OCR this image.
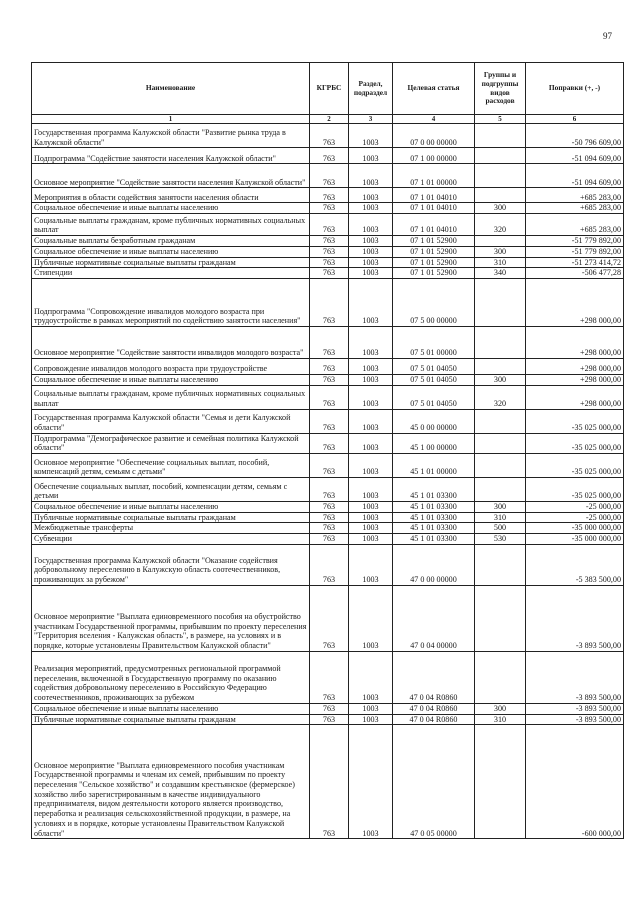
97
Наименование	КГРБС	Раздел, подраздел	Целевая статья	Группы и подгруппы видов расходов	Поправки (+, -)
1	2	3	4	5	6
Государственная программа Калужской области "Развитие рынка труда в Калужской области"	763	1003	07 0 00 00000		-50 796 609,00
Подпрограмма "Содействие занятости населения Калужской области"	763	1003	07 1 00 00000		-51 094 609,00
Основное мероприятие "Содействие занятости населения Калужской области"	763	1003	07 1 01 00000		-51 094 609,00
Мероприятия в области содействия занятости населения области	763	1003	07 1 01 04010		+685 283,00
Социальное обеспечение и иные выплаты населению	763	1003	07 1 01 04010	300	+685 283,00
Социальные выплаты гражданам, кроме публичных нормативных социальных выплат	763	1003	07 1 01 04010	320	+685 283,00
Социальные выплаты безработным гражданам	763	1003	07 1 01 52900		-51 779 892,00
Социальное обеспечение и иные выплаты населению	763	1003	07 1 01 52900	300	-51 779 892,00
Публичные нормативные социальные выплаты гражданам	763	1003	07 1 01 52900	310	-51 273 414,72
Стипендии	763	1003	07 1 01 52900	340	-506 477,28
Подпрограмма "Сопровождение инвалидов молодого возраста при трудоустройстве в рамках мероприятий по содействию занятости населения"	763	1003	07 5 00 00000		+298 000,00
Основное мероприятие "Содействие занятости инвалидов молодого возраста"	763	1003	07 5 01 00000		+298 000,00
Сопровождение инвалидов молодого возраста при трудоустройстве	763	1003	07 5 01 04050		+298 000,00
Социальное обеспечение и иные выплаты населению	763	1003	07 5 01 04050	300	+298 000,00
Социальные выплаты гражданам, кроме публичных нормативных социальных выплат	763	1003	07 5 01 04050	320	+298 000,00
Государственная программа Калужской области "Семья и дети Калужской области"	763	1003	45 0 00 00000		-35 025 000,00
Подпрограмма "Демографическое развитие и семейная политика Калужской области"	763	1003	45 1 00 00000		-35 025 000,00
Основное мероприятие "Обеспечение социальных выплат, пособий, компенсаций детям, семьям с детьми"	763	1003	45 1 01 00000		-35 025 000,00
Обеспечение социальных выплат, пособий, компенсации детям, семьям с детьми	763	1003	45 1 01 03300		-35 025 000,00
Социальное обеспечение и иные выплаты населению	763	1003	45 1 01 03300	300	-25 000,00
Публичные нормативные социальные выплаты гражданам	763	1003	45 1 01 03300	310	-25 000,00
Межбюджетные трансферты	763	1003	45 1 01 03300	500	-35 000 000,00
Субвенции	763	1003	45 1 01 03300	530	-35 000 000,00
Государственная программа Калужской области "Оказание содействия добровольному переселению в Калужскую область соотечественников, проживающих за рубежом"	763	1003	47 0 00 00000		-5 383 500,00
Основное мероприятие "Выплата единовременного пособия на обустройство участникам Государственной программы, прибывшим по проекту переселения "Территория вселения - Калужская область", в размере, на условиях и в порядке, которые установлены Правительством Калужской области"	763	1003	47 0 04 00000		-3 893 500,00
Реализация мероприятий, предусмотренных региональной программой переселения, включенной в Государственную программу по оказанию содействия добровольному переселению в Российскую Федерацию соотечественников, проживающих за рубежом	763	1003	47 0 04 R0860		-3 893 500,00
Социальное обеспечение и иные выплаты населению	763	1003	47 0 04 R0860	300	-3 893 500,00
Публичные нормативные социальные выплаты гражданам	763	1003	47 0 04 R0860	310	-3 893 500,00
Основное мероприятие "Выплата единовременного пособия участникам Государственной программы и членам их семей, прибывшим по проекту переселения "Сельское хозяйство" и создавшим крестьянское (фермерское) хозяйство либо зарегистрированным в качестве индивидуального предпринимателя, видом деятельности которого является производство, переработка и реализация сельскохозяйственной продукции, в размере, на условиях и в порядке, которые установлены Правительством Калужской области"	763	1003	47 0 05 00000		-600 000,00
